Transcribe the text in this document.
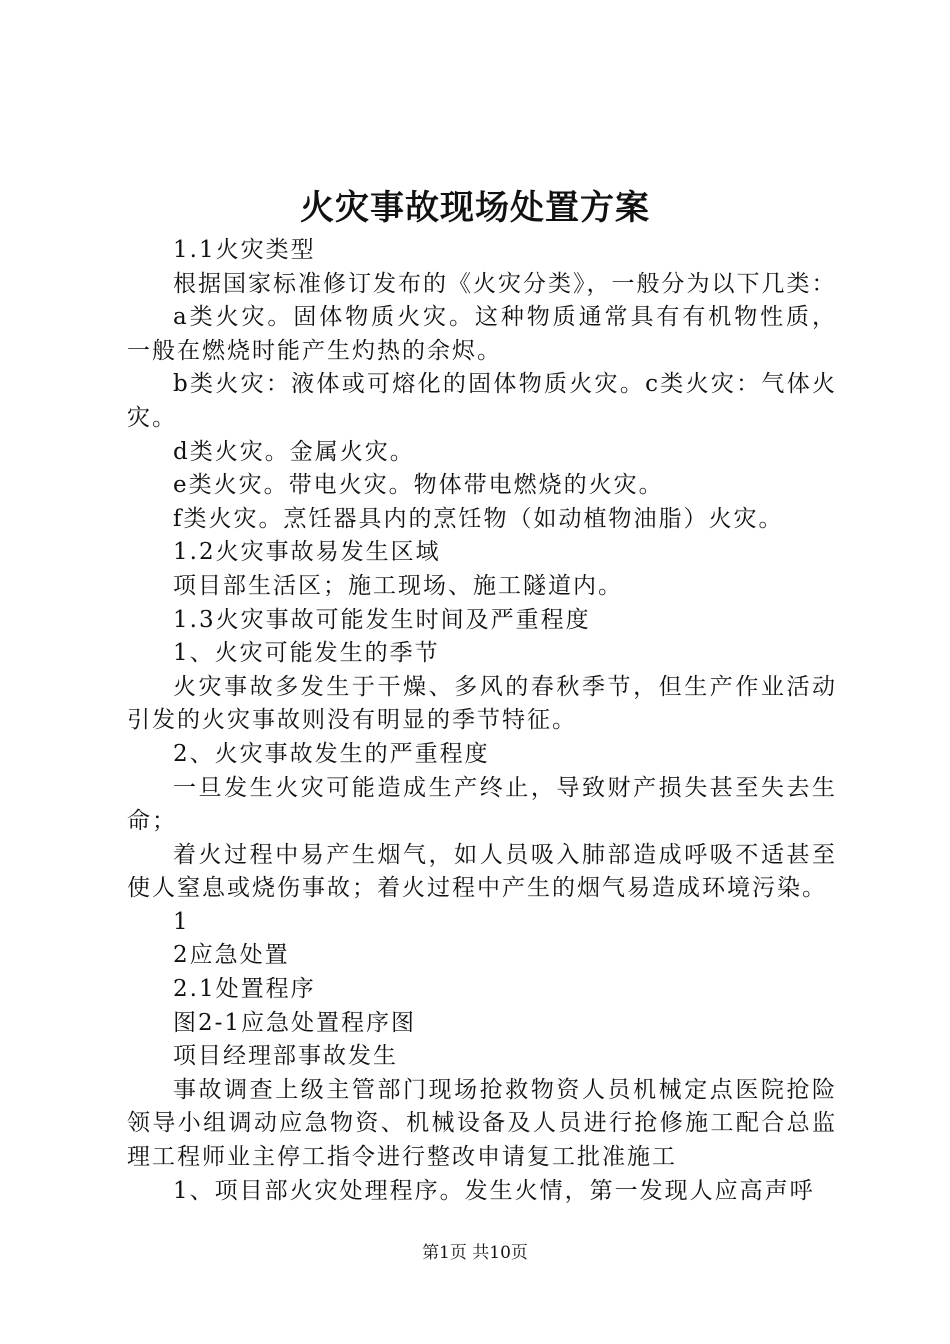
火灾事故现场处置方案

1.1火灾类型

根据国家标准修订发布的《火灾分类》，一般分为以下几类：

a类火灾。固体物质火灾。这种物质通常具有有机物性质，一般在燃烧时能产生灼热的余烬。

b类火灾：液体或可熔化的固体物质火灾。c类火灾：气体火灾。

d类火灾。金属火灾。

e类火灾。带电火灾。物体带电燃烧的火灾。

f类火灾。烹饪器具内的烹饪物（如动植物油脂）火灾。

1.2火灾事故易发生区域

项目部生活区；施工现场、施工隧道内。

1.3火灾事故可能发生时间及严重程度

1、火灾可能发生的季节

火灾事故多发生于干燥、多风的春秋季节，但生产作业活动引发的火灾事故则没有明显的季节特征。

2、火灾事故发生的严重程度

一旦发生火灾可能造成生产终止，导致财产损失甚至失去生命；

着火过程中易产生烟气，如人员吸入肺部造成呼吸不适甚至使人窒息或烧伤事故；着火过程中产生的烟气易造成环境污染。

1

2应急处置

2.1处置程序

图2-1应急处置程序图

项目经理部事故发生

事故调查上级主管部门现场抢救物资人员机械定点医院抢险领导小组调动应急物资、机械设备及人员进行抢修施工配合总监理工程师业主停工指令进行整改申请复工批准施工

1、项目部火灾处理程序。发生火情，第一发现人应高声呼

第1页 共10页
